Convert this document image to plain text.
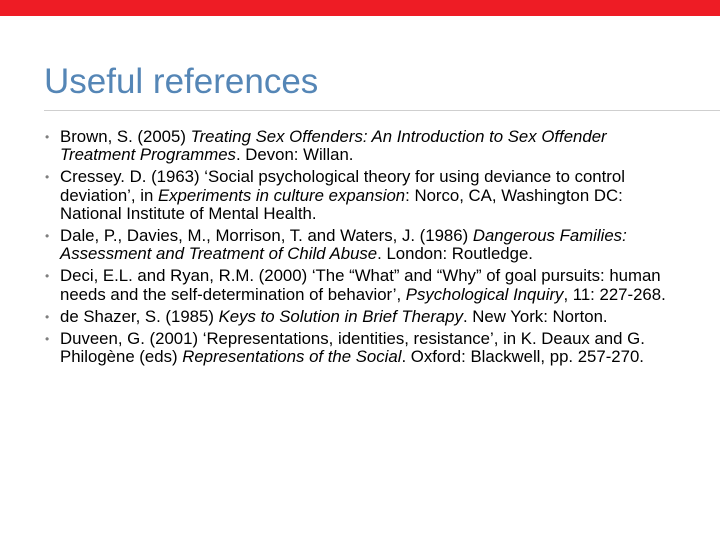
Useful references
• Brown, S. (2005) Treating Sex Offenders: An Introduction to Sex Offender Treatment Programmes. Devon: Willan.
• Cressey. D. (1963) ‘Social psychological theory for using deviance to control deviation’, in Experiments in culture expansion: Norco, CA, Washington DC: National Institute of Mental Health.
• Dale, P., Davies, M., Morrison, T. and Waters, J. (1986) Dangerous Families: Assessment and Treatment of Child Abuse. London: Routledge.
• Deci, E.L. and Ryan, R.M. (2000) ‘The “What” and “Why” of goal pursuits: human needs and the self-determination of behavior’, Psychological Inquiry, 11: 227-268.
• de Shazer, S. (1985) Keys to Solution in Brief Therapy. New York: Norton.
• Duveen, G. (2001) ‘Representations, identities, resistance’, in K. Deaux and G. Philogène (eds) Representations of the Social. Oxford: Blackwell, pp. 257-270.
